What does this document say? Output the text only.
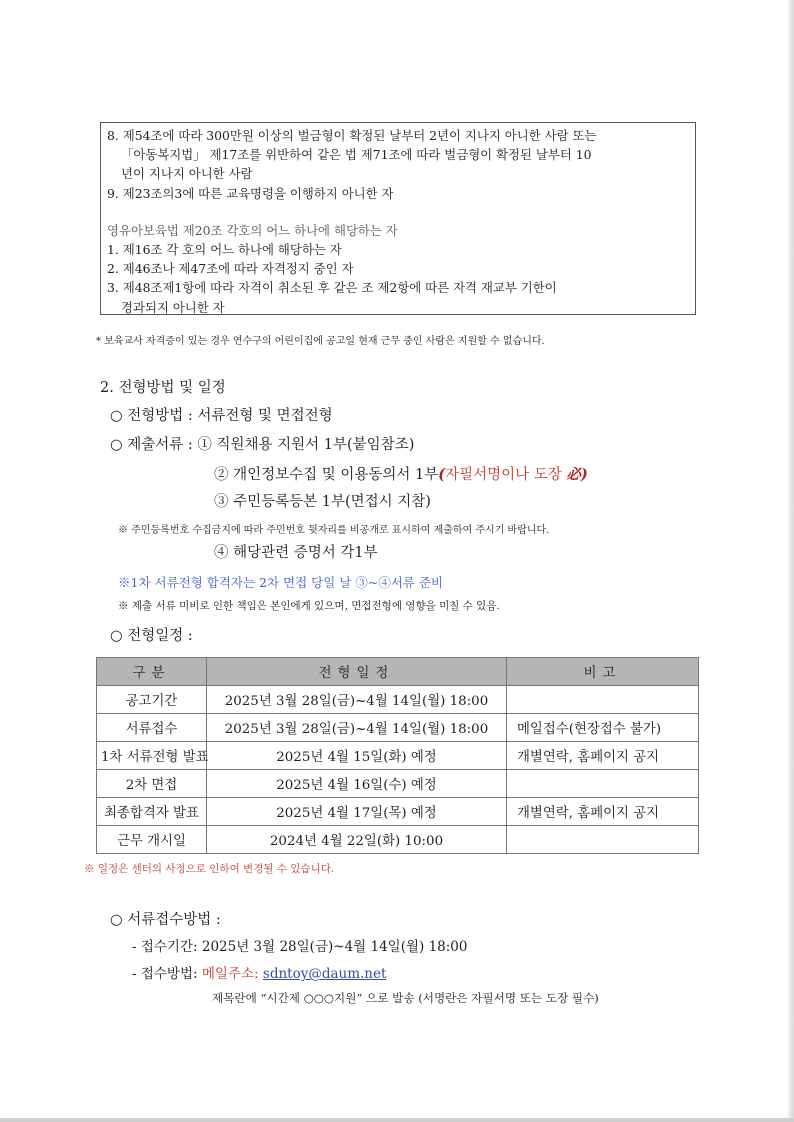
8. 제54조에 따라 300만원 이상의 벌금형이 확정된 날부터 2년이 지나지 아니한 사람 또는
「아동복지법」 제17조를 위반하여 같은 법 제71조에 따라 벌금형이 확정된 날부터 10
년이 지나지 아니한 사람
9. 제23조의3에 따른 교육명령을 이행하지 아니한 자
영유아보육법 제20조 각호의 어느 하나에 해당하는 자
1. 제16조 각 호의 어느 하나에 해당하는 자
2. 제46조나 제47조에 따라 자격정지 중인 자
3. 제48조제1항에 따라 자격이 취소된 후 같은 조 제2항에 따른 자격 재교부 기한이
경과되지 아니한 자
* 보육교사 자격증이 있는 경우 연수구의 어린이집에 공고일 현재 근무 중인 사람은 지원할 수 없습니다.
2. 전형방법 및 일정
○ 전형방법 : 서류전형 및 면접전형
○ 제출서류 : ① 직원채용 지원서 1부(붙임참조)
② 개인정보수집 및 이용동의서 1부(자필서명이나 도장 必)
③ 주민등록등본 1부(면접시 지참)
※ 주민등록번호 수집금지에 따라 주민번호 뒷자리를 비공개로 표시하여 제출하여 주시기 바랍니다.
④ 해당관련 증명서 각1부
※1차 서류전형 합격자는 2차 면접 당일 날 ③~④서류 준비
※ 제출 서류 미비로 인한 책임은 본인에게 있으며, 면접전형에 영향을 미칠 수 있음.
○ 전형일정 :
구분	전형일정	비고
공고기간	2025년 3월 28일(금)~4월 14일(월) 18:00	
서류접수	2025년 3월 28일(금)~4월 14일(월) 18:00	메일접수(현장접수 불가)
1차 서류전형 발표	2025년 4월 15일(화) 예정	개별연락, 홈페이지 공지
2차 면접	2025년 4월 16일(수) 예정	
최종합격자 발표	2025년 4월 17일(목) 예정	개별연락, 홈페이지 공지
근무 개시일	2024년 4월 22일(화) 10:00	
※ 일정은 센터의 사정으로 인하여 변경될 수 있습니다.
○ 서류접수방법 :
- 접수기간: 2025년 3월 28일(금)~4월 14일(월) 18:00
- 접수방법: 메일주소: sdntoy@daum.net
제목란에 “시간제 ○○○지원” 으로 발송 (서명란은 자필서명 또는 도장 필수)
